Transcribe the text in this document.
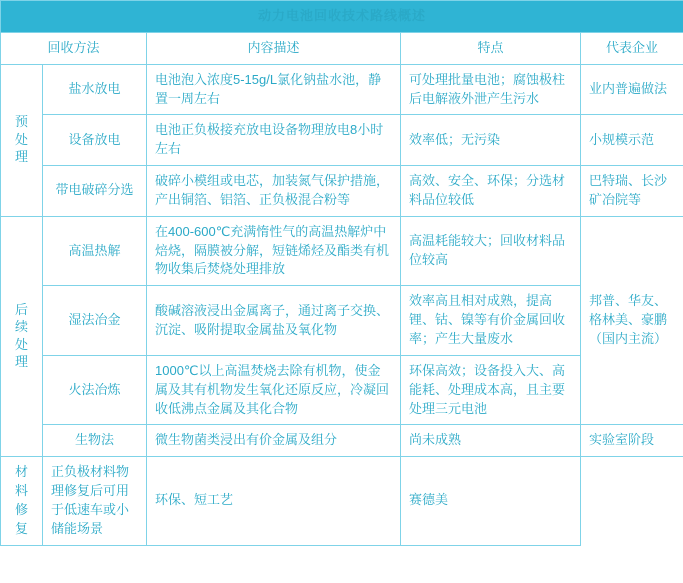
动力电池回收技术路线概述				
回收方法		内容描述	特点	代表企业
预处理	盐水放电	电池泡入浓度5-15g/L氯化钠盐水池，静置一周左右	可处理批量电池；腐蚀极柱后电解液外泄产生污水	业内普遍做法
	设备放电	电池正负极接充放电设备物理放电8小时左右	效率低；无污染	小规模示范
	带电破碎分选	破碎小模组或电芯，加装氮气保护措施，产出铜箔、铝箔、正负极混合粉等	高效、安全、环保；分选材料品位较低	巴特瑞、长沙矿冶院等
后续处理	高温热解	在400-600℃充满惰性气的高温热解炉中焙烧，隔膜被分解，短链烯烃及酯类有机物收集后焚烧处理排放	高温耗能较大；回收材料品位较高	邦普、华友、格林美、豪鹏（国内主流）
	湿法冶金	酸碱溶液浸出金属离子，通过离子交换、沉淀、吸附提取金属盐及氧化物	效率高且相对成熟，提高锂、钴、镍等有价金属回收率；产生大量废水	
	火法冶炼	1000℃以上高温焚烧去除有机物，使金属及其有机物发生氧化还原反应，冷凝回收低沸点金属及其化合物	环保高效；设备投入大、高能耗、处理成本高，且主要处理三元电池	

	生物法	微生物菌类浸出有价金属及组分	尚未成熟	实验室阶段
材料修复	正负极材料物理修复后可用于低速车或小储能场景	环保、短工艺	赛德美	
